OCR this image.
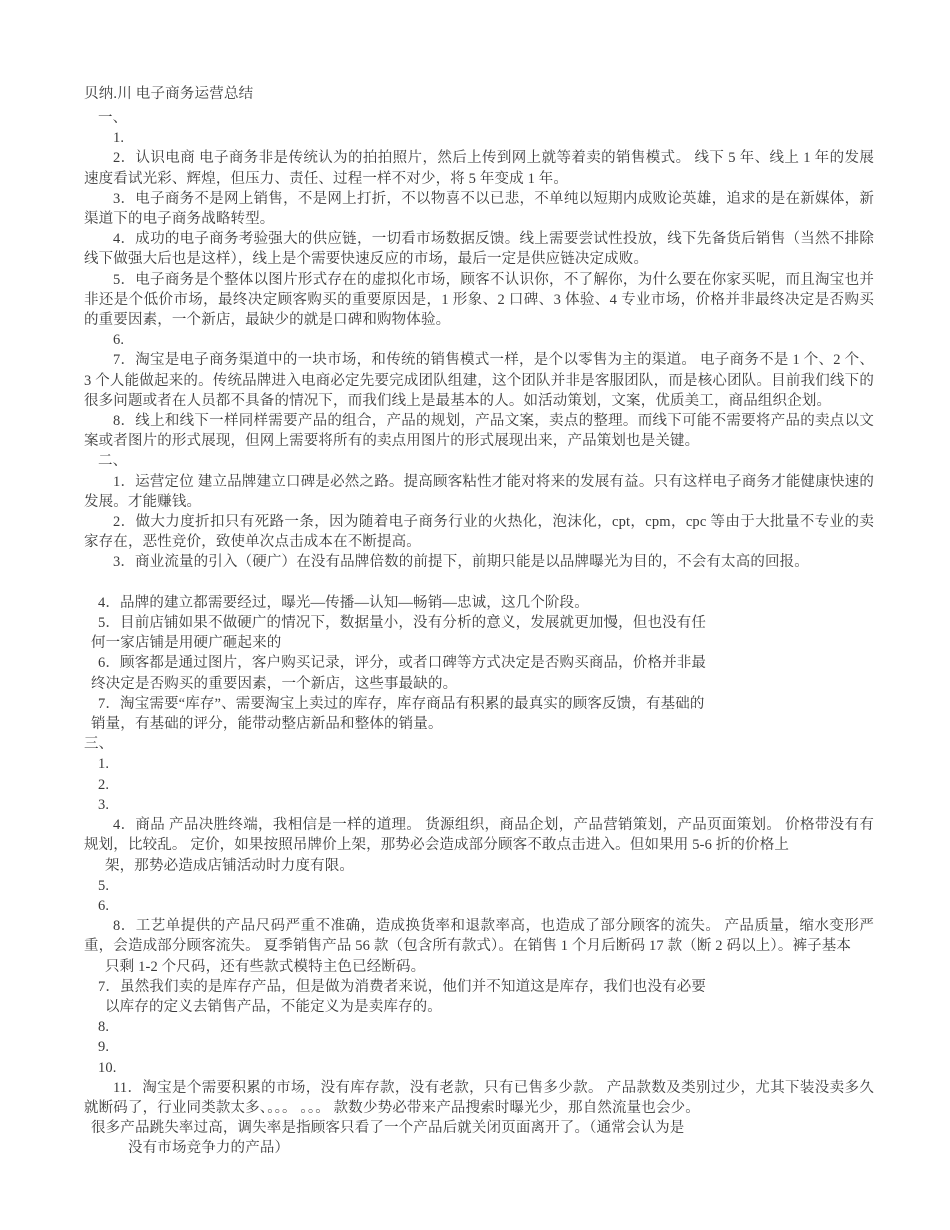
贝纳.川 电子商务运营总结
一、
1.
2．认识电商 电子商务非是传统认为的拍拍照片，然后上传到网上就等着卖的销售模式。 线下 5 年、线上 1 年的发展速度看试光彩、辉煌，但压力、责任、过程一样不对少，将 5 年变成 1 年。
3．电子商务不是网上销售，不是网上打折，不以物喜不以已悲，不单纯以短期内成败论英雄，追求的是在新媒体，新渠道下的电子商务战略转型。
4．成功的电子商务考验强大的供应链，一切看市场数据反馈。线上需要尝试性投放，线下先备货后销售（当然不排除线下做强大后也是这样），线上是个需要快速反应的市场，最后一定是供应链决定成败。
5．电子商务是个整体以图片形式存在的虚拟化市场，顾客不认识你，不了解你，为什么要在你家买呢，而且淘宝也并非还是个低价市场，最终决定顾客购买的重要原因是，1 形象、2 口碑、3 体验、4 专业市场，价格并非最终决定是否购买的重要因素，一个新店，最缺少的就是口碑和购物体验。
6.
7．淘宝是电子商务渠道中的一块市场，和传统的销售模式一样，是个以零售为主的渠道。 电子商务不是 1 个、2 个、3 个人能做起来的。传统品牌进入电商必定先要完成团队组建，这个团队并非是客服团队，而是核心团队。目前我们线下的很多问题或者在人员都不具备的情况下，而我们线上是最基本的人。如活动策划，文案，优质美工，商品组织企划。
8．线上和线下一样同样需要产品的组合，产品的规划，产品文案，卖点的整理。而线下可能不需要将产品的卖点以文案或者图片的形式展现，但网上需要将所有的卖点用图片的形式展现出来，产品策划也是关键。
二、
1．运营定位 建立品牌建立口碑是必然之路。提高顾客粘性才能对将来的发展有益。只有这样电子商务才能健康快速的发展。才能赚钱。
2．做大力度折扣只有死路一条，因为随着电子商务行业的火热化，泡沫化，cpt，cpm，cpc 等由于大批量不专业的卖家存在，恶性竞价，致使单次点击成本在不断提高。
3．商业流量的引入（硬广）在没有品牌倍数的前提下，前期只能是以品牌曝光为目的，不会有太高的回报。
4．品牌的建立都需要经过，曝光—传播—认知—畅销—忠诚，这几个阶段。
5．目前店铺如果不做硬广的情况下，数据量小，没有分析的意义，发展就更加慢，但也没有任
何一家店铺是用硬广砸起来的
6．顾客都是通过图片，客户购买记录，评分，或者口碑等方式决定是否购买商品，价格并非最
终决定是否购买的重要因素，一个新店，这些事最缺的。
7．淘宝需要“库存”、需要淘宝上卖过的库存，库存商品有积累的最真实的顾客反馈，有基础的
销量，有基础的评分，能带动整店新品和整体的销量。
三、
1.
2.
3.
4．商品 产品决胜终端，我相信是一样的道理。 货源组织，商品企划，产品营销策划，产品页面策划。 价格带没有有规划，比较乱。 定价，如果按照吊牌价上架，那势必会造成部分顾客不敢点击进入。但如果用 5-6 折的价格上
架，那势必造成店铺活动时力度有限。
5.
6.
8．工艺单提供的产品尺码严重不准确，造成换货率和退款率高，也造成了部分顾客的流失。 产品质量，缩水变形严重，会造成部分顾客流失。 夏季销售产品 56 款（包含所有款式）。在销售 1 个月后断码 17 款（断 2 码以上）。裤子基本
只剩 1-2 个尺码，还有些款式模特主色已经断码。
7．虽然我们卖的是库存产品，但是做为消费者来说，他们并不知道这是库存，我们也没有必要
以库存的定义去销售产品，不能定义为是卖库存的。
8.
9.
10.
11．淘宝是个需要积累的市场，没有库存款，没有老款，只有已售多少款。 产品款数及类别过少，尤其下装没卖多久就断码了，行业同类款太多、。。。 。。。 款数少势必带来产品搜索时曝光少，那自然流量也会少。
很多产品跳失率过高，调失率是指顾客只看了一个产品后就关闭页面离开了。（通常会认为是
没有市场竞争力的产品）
